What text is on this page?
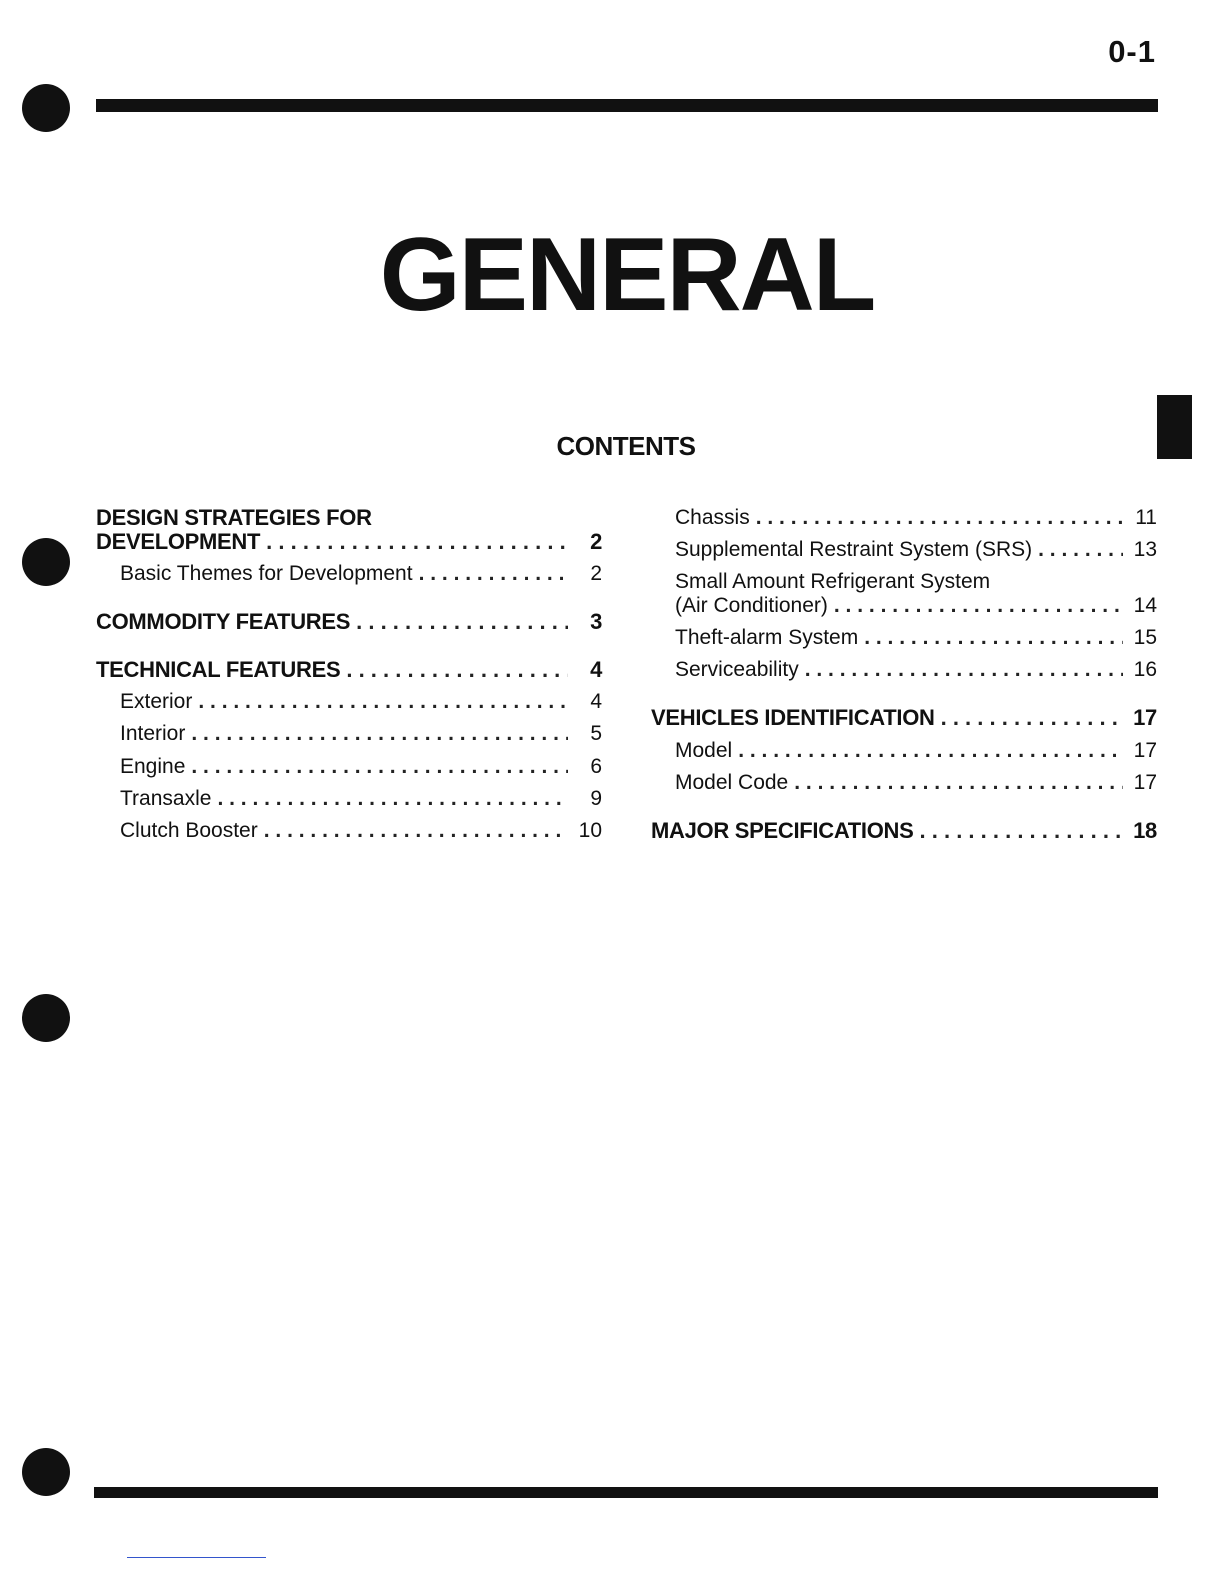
0-1
GENERAL
CONTENTS
DESIGN STRATEGIES FOR
DEVELOPMENT . . .	2
Basic Themes for Development . . .	2
COMMODITY FEATURES . . .	3
TECHNICAL FEATURES . . .	4
Exterior . . .	4
Interior . . .	5
Engine . . .	6
Transaxle . . .	9
Clutch Booster . . .	10
Chassis . . .	11
Supplemental Restraint System (SRS) . . .	13
Small Amount Refrigerant System
(Air Conditioner) . . .	14
Theft-alarm System . . .	15
Serviceability . . .	16
VEHICLES IDENTIFICATION . . .	17
Model . . .	17
Model Code . . .	17
MAJOR SPECIFICATIONS . . .	18
